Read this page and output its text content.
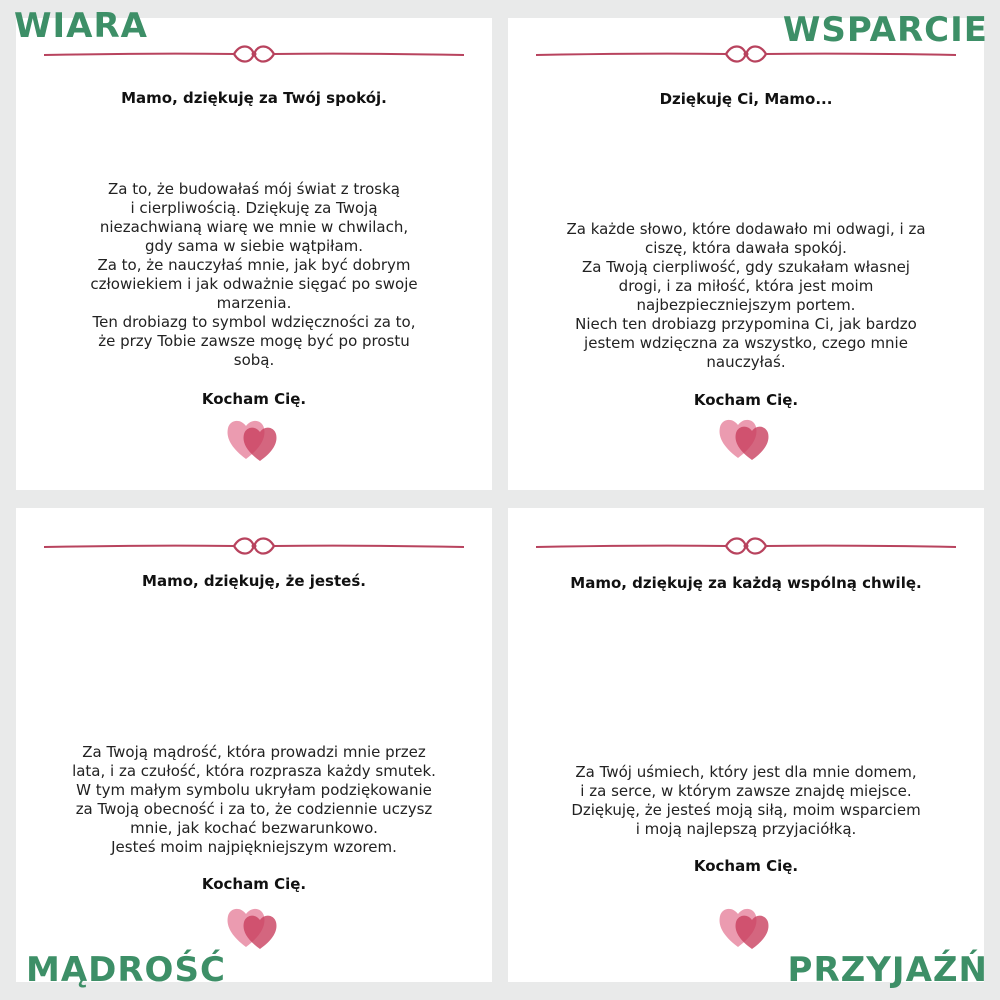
Mamo, dziękuję za Twój spokój.
Za to, że budowałaś mój świat z troską
i cierpliwością. Dziękuję za Twoją
niezachwianą wiarę we mnie w chwilach,
gdy sama w siebie wątpiłam.
Za to, że nauczyłaś mnie, jak być dobrym
człowiekiem i jak odważnie sięgać po swoje
marzenia.
Ten drobiazg to symbol wdzięczności za to,
że przy Tobie zawsze mogę być po prostu
sobą.
Kocham Cię.
Dziękuję Ci, Mamo...
Za każde słowo, które dodawało mi odwagi, i za
ciszę, która dawała spokój.
Za Twoją cierpliwość, gdy szukałam własnej
drogi, i za miłość, która jest moim
najbezpieczniejszym portem.
Niech ten drobiazg przypomina Ci, jak bardzo
jestem wdzięczna za wszystko, czego mnie
nauczyłaś.
Kocham Cię.
Mamo, dziękuję, że jesteś.
Za Twoją mądrość, która prowadzi mnie przez
lata, i za czułość, która rozprasza każdy smutek.
W tym małym symbolu ukryłam podziękowanie
za Twoją obecność i za to, że codziennie uczysz
mnie, jak kochać bezwarunkowo.
Jesteś moim najpiękniejszym wzorem.
Kocham Cię.
Mamo, dziękuję za każdą wspólną chwilę.
Za Twój uśmiech, który jest dla mnie domem,
i za serce, w którym zawsze znajdę miejsce.
Dziękuję, że jesteś moją siłą, moim wsparciem
i moją najlepszą przyjaciółką.
Kocham Cię.
WIARA	WSPARCIE
MĄDROŚĆ	PRZYJAŹŃ
